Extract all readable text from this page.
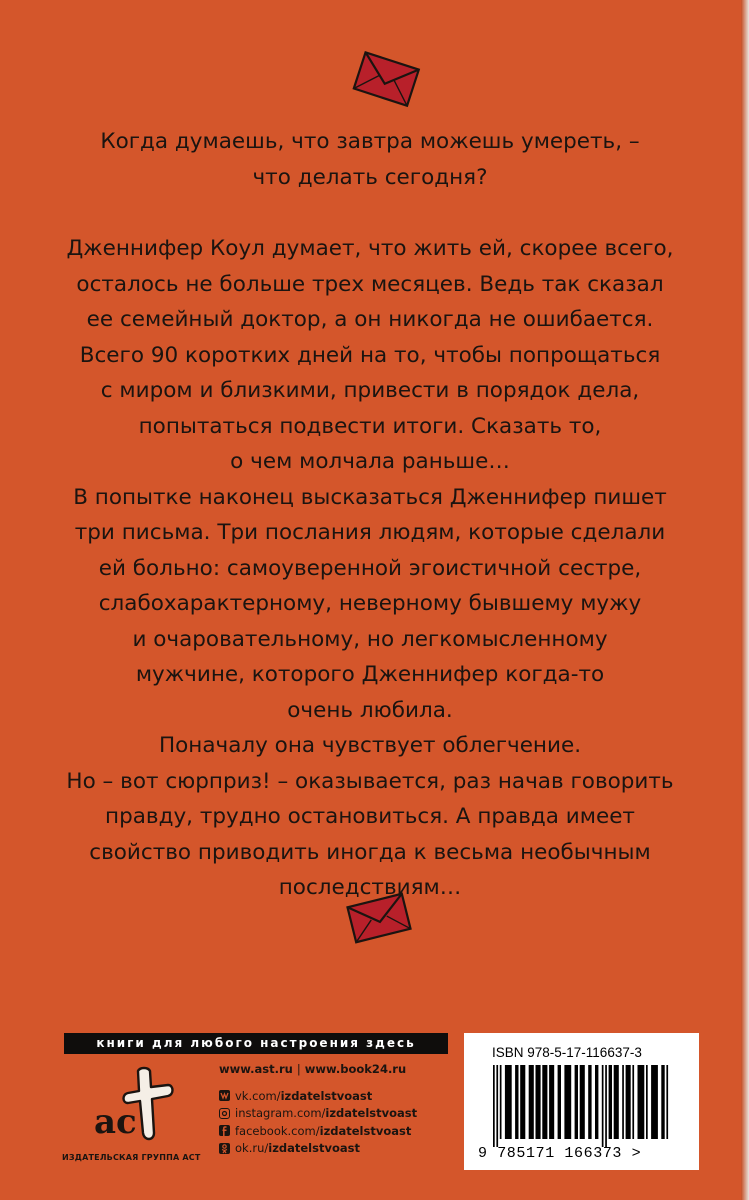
Когда думаешь, что завтра можешь умереть, –
что делать сегодня?
Дженнифер Коул думает, что жить ей, скорее всего,
осталось не больше трех месяцев. Ведь так сказал
ее семейный доктор, а он никогда не ошибается.
Всего 90 коротких дней на то, чтобы попрощаться
с миром и близкими, привести в порядок дела,
попытаться подвести итоги. Сказать то,
о чем молчала раньше…
В попытке наконец высказаться Дженнифер пишет
три письма. Три послания людям, которые сделали
ей больно: самоуверенной эгоистичной сестре,
слабохарактерному, неверному бывшему мужу
и очаровательному, но легкомысленному
мужчине, которого Дженнифер когда-то
очень любила.
Поначалу она чувствует облегчение.
Но – вот сюрприз! – оказывается, раз начав говорить
правду, трудно остановиться. А правда имеет
свойство приводить иногда к весьма необычным
последствиям…
книги для любого настроения здесь
ac
ИЗДАТЕЛЬСКАЯ ГРУППА АСТ
www.ast.ru | www.book24.ru
vk.com/ izdatelstvoast
instagram.com/ izdatelstvoast
facebook.com/ izdatelstvoast
ok.ru/ izdatelstvoast
ISBN 978-5-17-116637-3
9 785171 166373 >
